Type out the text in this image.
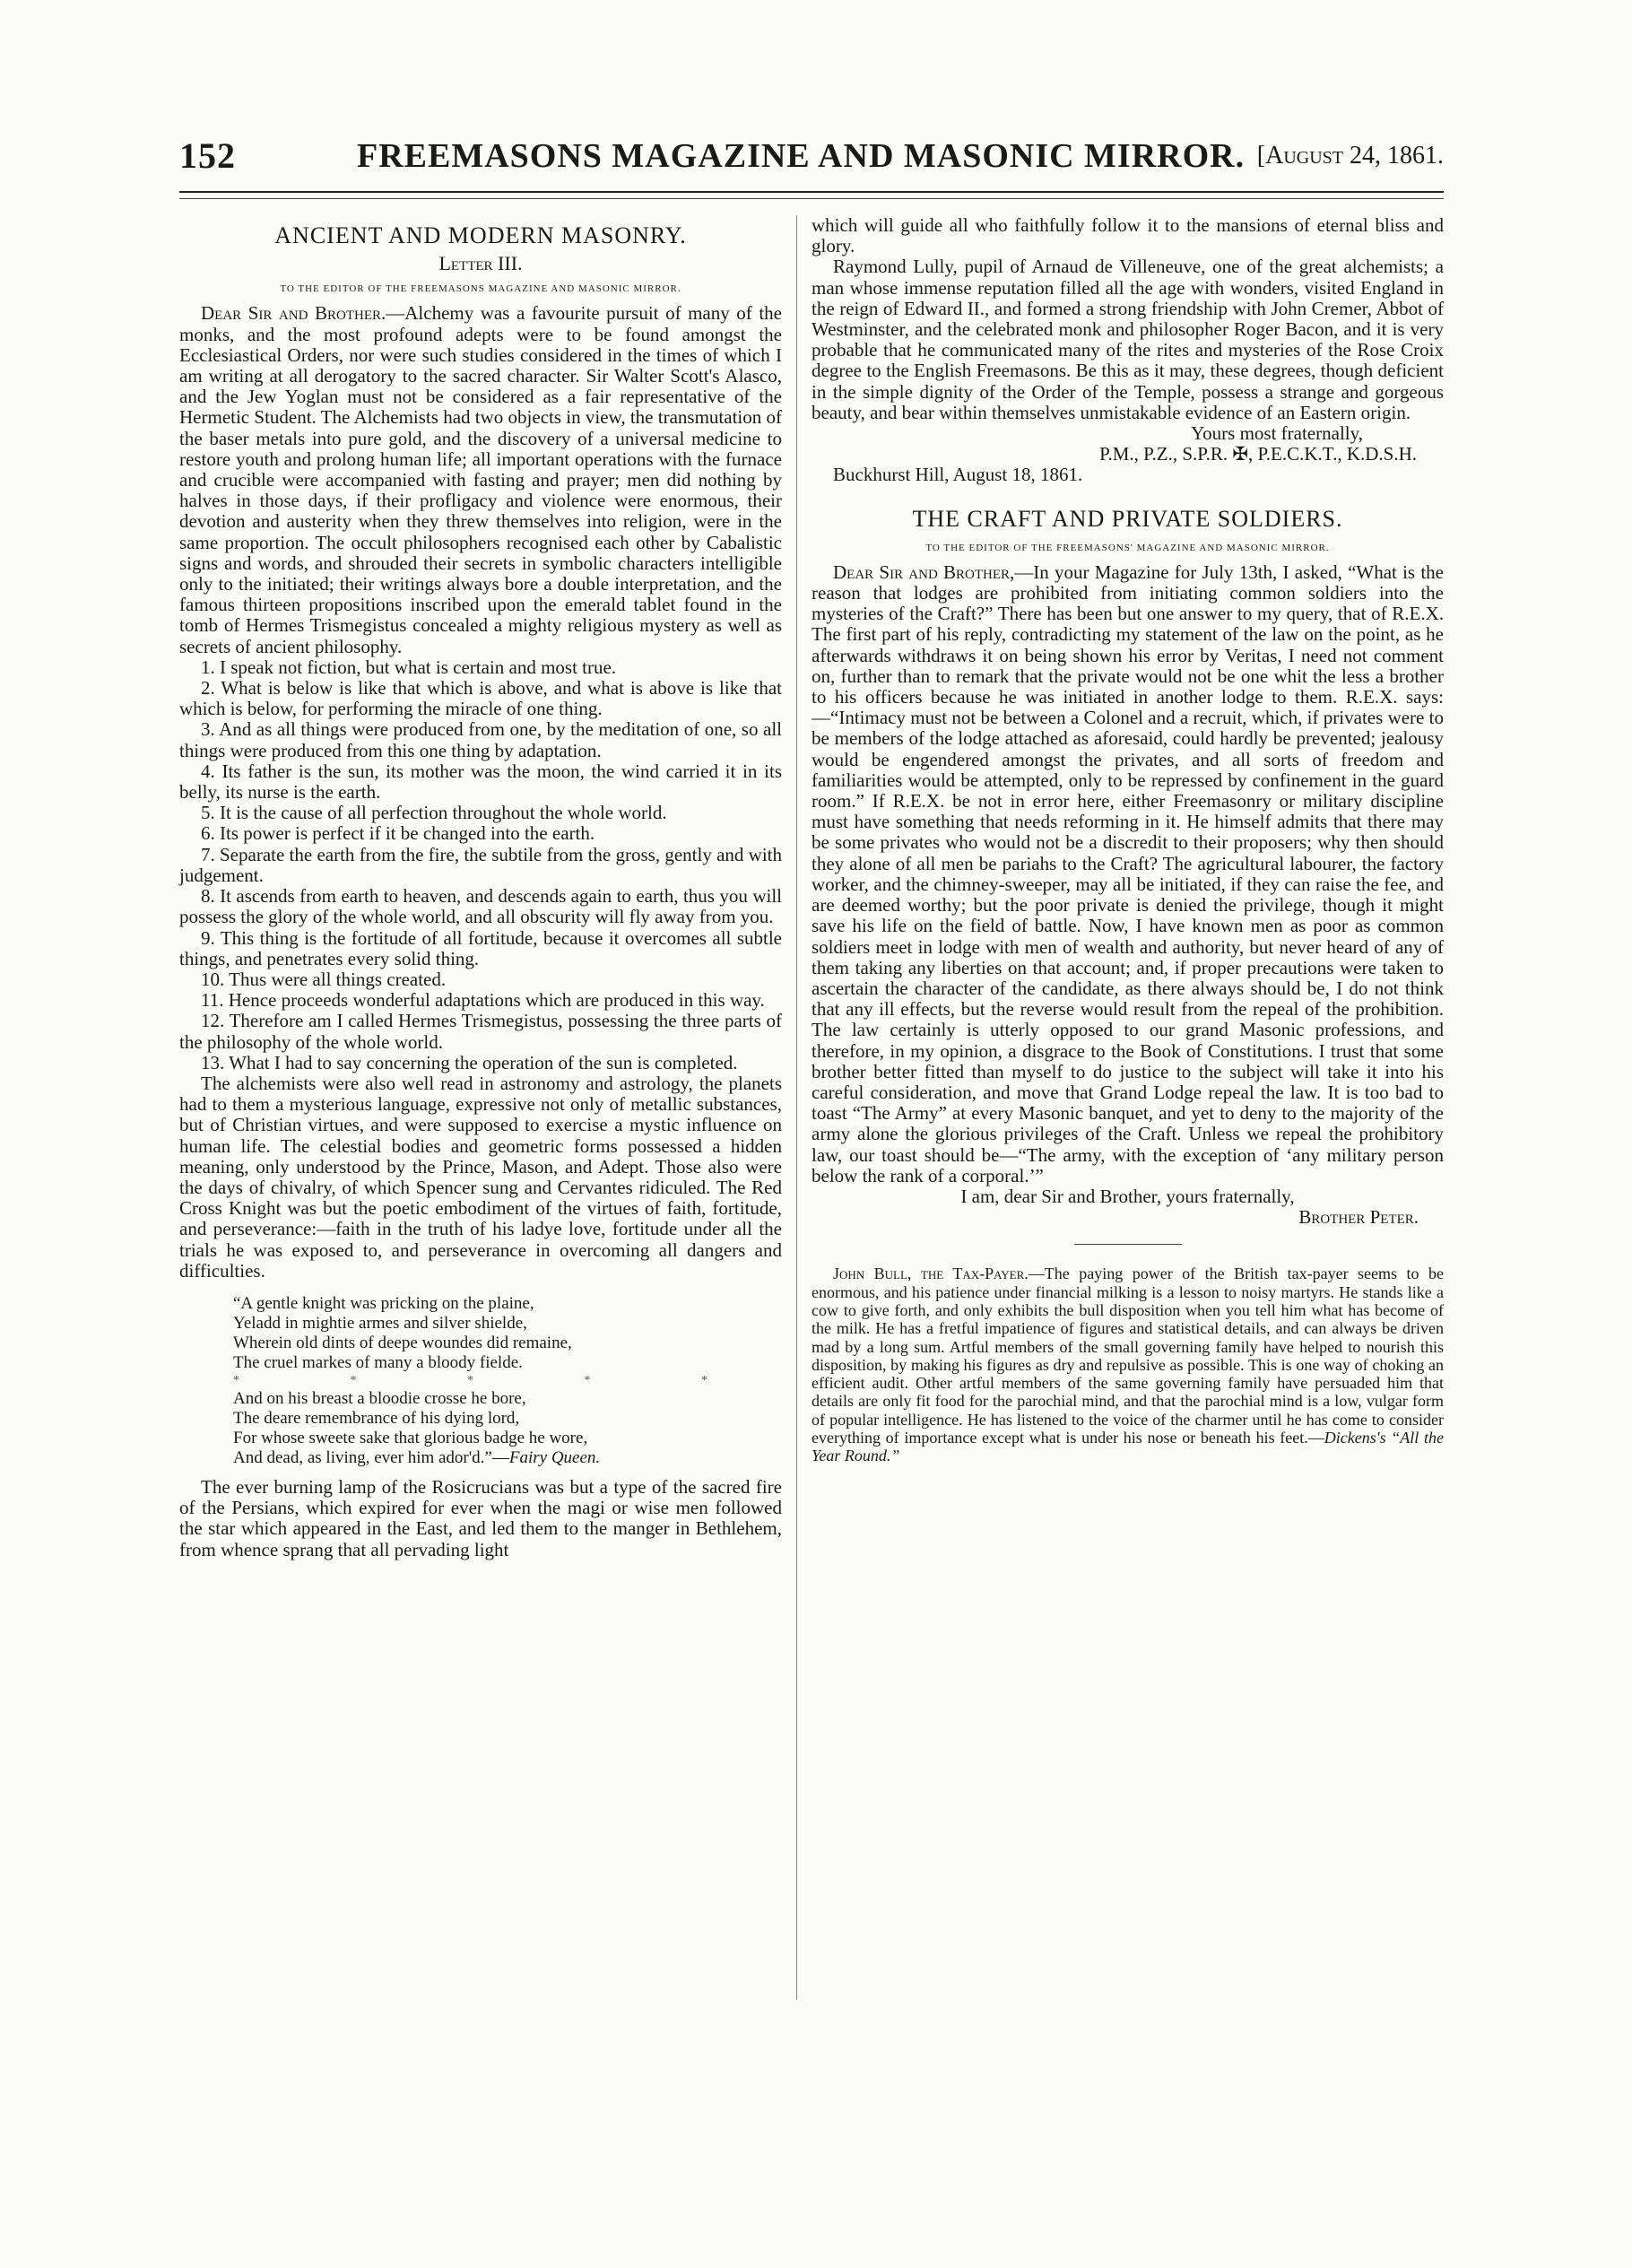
152	FREEMASONS MAGAZINE AND MASONIC MIRROR. [August 24, 1861.
ANCIENT AND MODERN MASONRY.
Letter III.
TO THE EDITOR OF THE FREEMASONS MAGAZINE AND MASONIC MIRROR.

Dear Sir and Brother.—Alchemy was a favourite pursuit of many of the monks, and the most profound adepts were to be found amongst the Ecclesiastical Orders, nor were such studies considered in the times of which I am writing at all derogatory to the sacred character. Sir Walter Scott's Alasco, and the Jew Yoglan must not be considered as a fair representative of the Hermetic Student. The Alchemists had two objects in view, the transmutation of the baser metals into pure gold, and the discovery of a universal medicine to restore youth and prolong human life; all important operations with the furnace and crucible were accompanied with fasting and prayer; men did nothing by halves in those days, if their profligacy and violence were enormous, their devotion and austerity when they threw themselves into religion, were in the same proportion. The occult philosophers recognised each other by Cabalistic signs and words, and shrouded their secrets in symbolic characters intelligible only to the initiated; their writings always bore a double interpretation, and the famous thirteen propositions inscribed upon the emerald tablet found in the tomb of Hermes Trismegistus concealed a mighty religious mystery as well as secrets of ancient philosophy.

1. I speak not fiction, but what is certain and most true.

2. What is below is like that which is above, and what is above is like that which is below, for performing the miracle of one thing.

3. And as all things were produced from one, by the meditation of one, so all things were produced from this one thing by adaptation.

4. Its father is the sun, its mother was the moon, the wind carried it in its belly, its nurse is the earth.

5. It is the cause of all perfection throughout the whole world.

6. Its power is perfect if it be changed into the earth.

7. Separate the earth from the fire, the subtile from the gross, gently and with judgement.

8. It ascends from earth to heaven, and descends again to earth, thus you will possess the glory of the whole world, and all obscurity will fly away from you.

9. This thing is the fortitude of all fortitude, because it overcomes all subtle things, and penetrates every solid thing.

10. Thus were all things created.

11. Hence proceeds wonderful adaptations which are produced in this way.

12. Therefore am I called Hermes Trismegistus, possessing the three parts of the philosophy of the whole world.

13. What I had to say concerning the operation of the sun is completed.

The alchemists were also well read in astronomy and astrology, the planets had to them a mysterious language, expressive not only of metallic substances, but of Christian virtues, and were supposed to exercise a mystic influence on human life. The celestial bodies and geometric forms possessed a hidden meaning, only understood by the Prince, Mason, and Adept. Those also were the days of chivalry, of which Spencer sung and Cervantes ridiculed. The Red Cross Knight was but the poetic embodiment of the virtues of faith, fortitude, and perseverance:—faith in the truth of his ladye love, fortitude under all the trials he was exposed to, and perseverance in overcoming all dangers and difficulties.

“A gentle knight was pricking on the plaine,
Yeladd in mightie armes and silver shielde,
Wherein old dints of deepe woundes did remaine,
The cruel markes of many a bloody fielde.
* * * * *
And on his breast a bloodie crosse he bore,
The deare remembrance of his dying lord,
For whose sweete sake that glorious badge he wore,
And dead, as living, ever him ador'd.”—Fairy Queen.

The ever burning lamp of the Rosicrucians was but a type of the sacred fire of the Persians, which expired for ever when the magi or wise men followed the star which appeared in the East, and led them to the manger in Bethlehem, from whence sprang that all pervading light

which will guide all who faithfully follow it to the mansions of eternal bliss and glory.

Raymond Lully, pupil of Arnaud de Villeneuve, one of the great alchemists; a man whose immense reputation filled all the age with wonders, visited England in the reign of Edward II., and formed a strong friendship with John Cremer, Abbot of Westminster, and the celebrated monk and philosopher Roger Bacon, and it is very probable that he communicated many of the rites and mysteries of the Rose Croix degree to the English Freemasons. Be this as it may, these degrees, though deficient in the simple dignity of the Order of the Temple, possess a strange and gorgeous beauty, and bear within themselves unmistakable evidence of an Eastern origin.

Yours most fraternally,

P.M., P.Z., S.P.R. ✠, P.E.C.K.T., K.D.S.H.

Buckhurst Hill, August 18, 1861.

THE CRAFT AND PRIVATE SOLDIERS.
TO THE EDITOR OF THE FREEMASONS' MAGAZINE AND MASONIC MIRROR.

Dear Sir and Brother,—In your Magazine for July 13th, I asked, “What is the reason that lodges are prohibited from initiating common soldiers into the mysteries of the Craft?” There has been but one answer to my query, that of R.E.X. The first part of his reply, contradicting my statement of the law on the point, as he afterwards withdraws it on being shown his error by Veritas, I need not comment on, further than to remark that the private would not be one whit the less a brother to his officers because he was initiated in another lodge to them. R.E.X. says:—“Intimacy must not be between a Colonel and a recruit, which, if privates were to be members of the lodge attached as aforesaid, could hardly be prevented; jealousy would be engendered amongst the privates, and all sorts of freedom and familiarities would be attempted, only to be repressed by confinement in the guard room.” If R.E.X. be not in error here, either Freemasonry or military discipline must have something that needs reforming in it. He himself admits that there may be some privates who would not be a discredit to their proposers; why then should they alone of all men be pariahs to the Craft? The agricultural labourer, the factory worker, and the chimney-sweeper, may all be initiated, if they can raise the fee, and are deemed worthy; but the poor private is denied the privilege, though it might save his life on the field of battle. Now, I have known men as poor as common soldiers meet in lodge with men of wealth and authority, but never heard of any of them taking any liberties on that account; and, if proper precautions were taken to ascertain the character of the candidate, as there always should be, I do not think that any ill effects, but the reverse would result from the repeal of the prohibition. The law certainly is utterly opposed to our grand Masonic professions, and therefore, in my opinion, a disgrace to the Book of Constitutions. I trust that some brother better fitted than myself to do justice to the subject will take it into his careful consideration, and move that Grand Lodge repeal the law. It is too bad to toast “The Army” at every Masonic banquet, and yet to deny to the majority of the army alone the glorious privileges of the Craft. Unless we repeal the prohibitory law, our toast should be—“The army, with the exception of ‘any military person below the rank of a corporal.’”

I am, dear Sir and Brother, yours fraternally,

Brother Peter.

John Bull, the Tax-Payer.—The paying power of the British tax-payer seems to be enormous, and his patience under financial milking is a lesson to noisy martyrs. He stands like a cow to give forth, and only exhibits the bull disposition when you tell him what has become of the milk. He has a fretful impatience of figures and statistical details, and can always be driven mad by a long sum. Artful members of the small governing family have helped to nourish this disposition, by making his figures as dry and repulsive as possible. This is one way of choking an efficient audit. Other artful members of the same governing family have persuaded him that details are only fit food for the parochial mind, and that the parochial mind is a low, vulgar form of popular intelligence. He has listened to the voice of the charmer until he has come to consider everything of importance except what is under his nose or beneath his feet.—Dickens's “All the Year Round.”
